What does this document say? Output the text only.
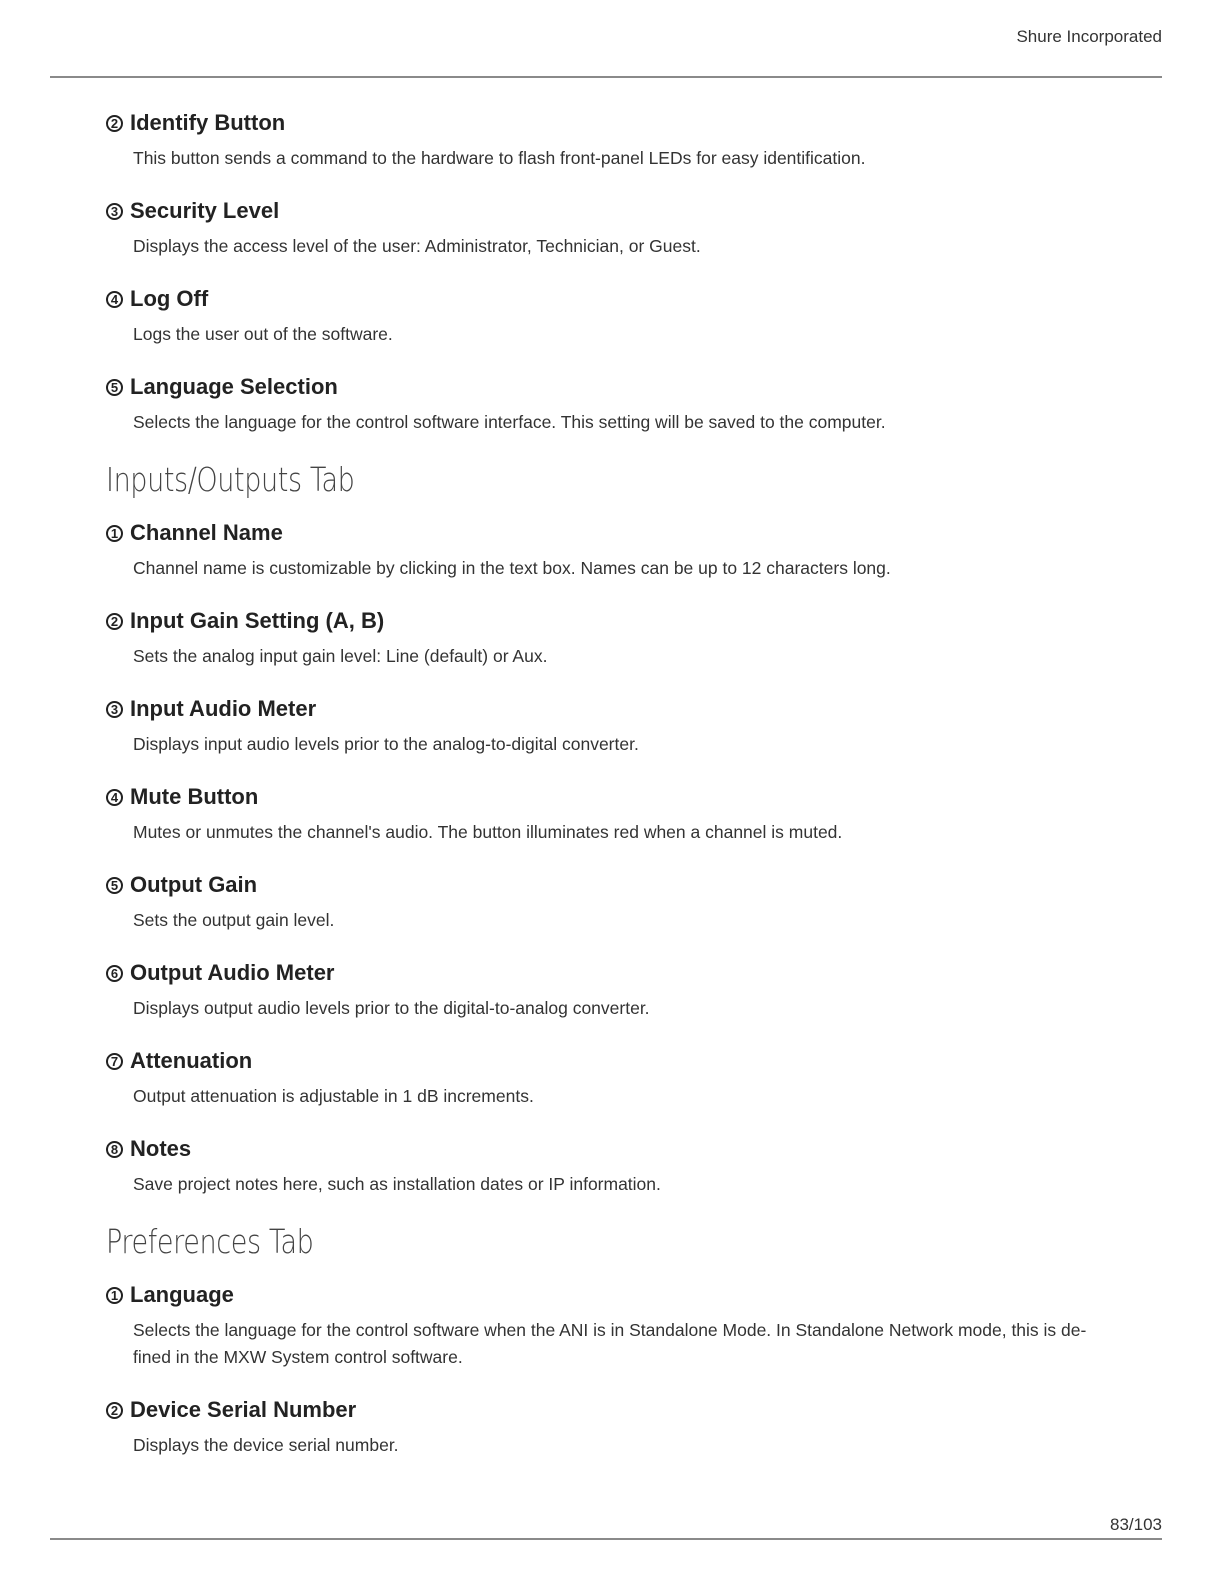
Shure Incorporated
2 Identify Button
This button sends a command to the hardware to flash front-panel LEDs for easy identification.
3 Security Level
Displays the access level of the user: Administrator, Technician, or Guest.
4 Log Off
Logs the user out of the software.
5 Language Selection
Selects the language for the control software interface. This setting will be saved to the computer.
Inputs/Outputs Tab
1 Channel Name
Channel name is customizable by clicking in the text box. Names can be up to 12 characters long.
2 Input Gain Setting (A, B)
Sets the analog input gain level: Line (default) or Aux.
3 Input Audio Meter
Displays input audio levels prior to the analog-to-digital converter.
4 Mute Button
Mutes or unmutes the channel's audio. The button illuminates red when a channel is muted.
5 Output Gain
Sets the output gain level.
6 Output Audio Meter
Displays output audio levels prior to the digital-to-analog converter.
7 Attenuation
Output attenuation is adjustable in 1 dB increments.
8 Notes
Save project notes here, such as installation dates or IP information.
Preferences Tab
1 Language
Selects the language for the control software when the ANI is in Standalone Mode. In Standalone Network mode, this is de-fined in the MXW System control software.
2 Device Serial Number
Displays the device serial number.
83/103
